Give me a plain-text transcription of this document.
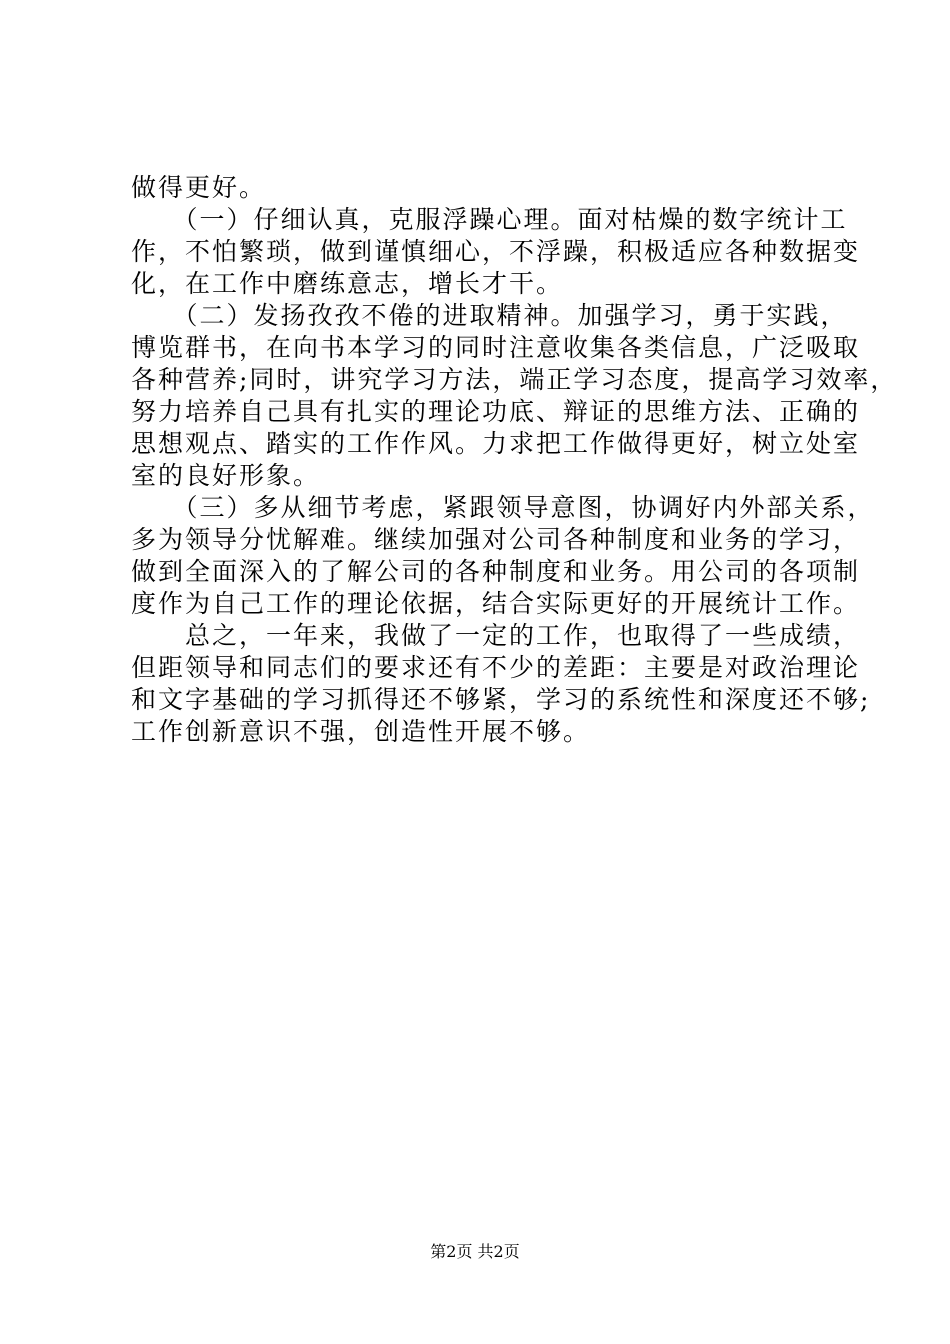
做得更好。
　　（一）仔细认真，克服浮躁心理。面对枯燥的数字统计工
作，不怕繁琐，做到谨慎细心，不浮躁，积极适应各种数据变
化，在工作中磨练意志，增长才干。
　　（二）发扬孜孜不倦的进取精神。加强学习，勇于实践，
博览群书，在向书本学习的同时注意收集各类信息，广泛吸取
各种营养;同时，讲究学习方法，端正学习态度，提高学习效率，
努力培养自己具有扎实的理论功底、辩证的思维方法、正确的
思想观点、踏实的工作作风。力求把工作做得更好，树立处室
室的良好形象。
　　（三）多从细节考虑，紧跟领导意图，协调好内外部关系，
多为领导分忧解难。继续加强对公司各种制度和业务的学习，
做到全面深入的了解公司的各种制度和业务。用公司的各项制
度作为自己工作的理论依据，结合实际更好的开展统计工作。
　　总之，一年来，我做了一定的工作，也取得了一些成绩，
但距领导和同志们的要求还有不少的差距：主要是对政治理论
和文字基础的学习抓得还不够紧，学习的系统性和深度还不够;
工作创新意识不强，创造性开展不够。
第2页 共2页
